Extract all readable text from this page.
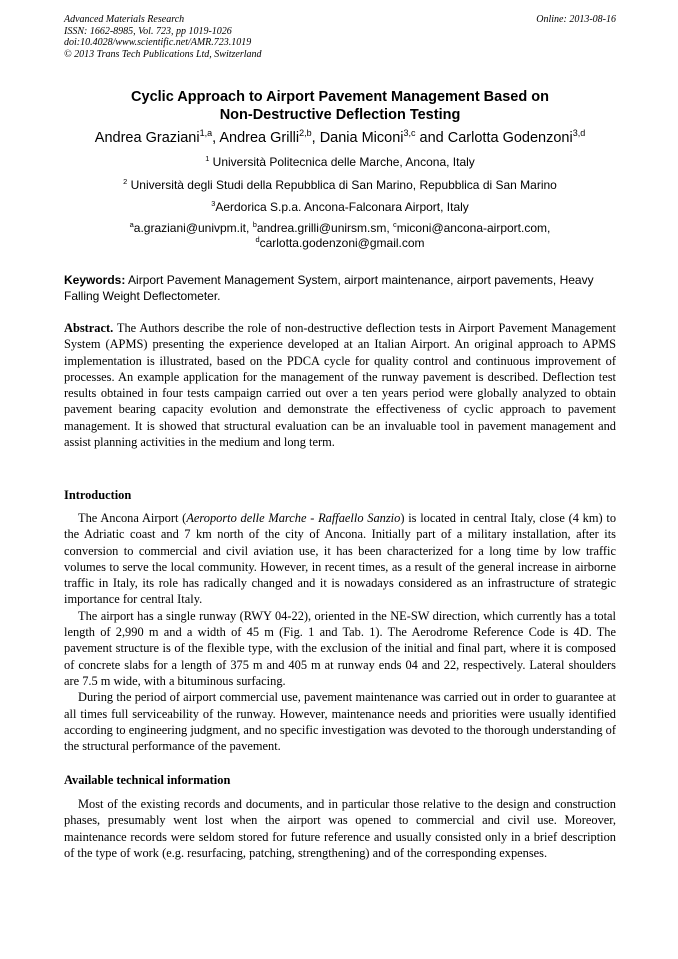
Advanced Materials Research
ISSN: 1662-8985, Vol. 723, pp 1019-1026
doi:10.4028/www.scientific.net/AMR.723.1019
© 2013 Trans Tech Publications Ltd, Switzerland
Online: 2013-08-16
Cyclic Approach to Airport Pavement Management Based on
Non-Destructive Deflection Testing
Andrea Graziani$^{1,a}$, Andrea Grilli$^{2,b}$, Dania Miconi$^{3,c}$ and Carlotta Godenzoni$^{3,d}$
$^1$ Università Politecnica delle Marche, Ancona, Italy
$^2$ Università degli Studi della Repubblica di San Marino, Repubblica di San Marino
$^3$Aerdorica S.p.a. Ancona-Falconara Airport, Italy
$^a$a.graziani@univpm.it, $^b$andrea.grilli@unirsm.sm, $^c$miconi@ancona-airport.com,
$^d$carlotta.godenzoni@gmail.com
Keywords: Airport Pavement Management System, airport maintenance, airport pavements, Heavy Falling Weight Deflectometer.
Abstract. The Authors describe the role of non-destructive deflection tests in Airport Pavement Management System (APMS) presenting the experience developed at an Italian Airport. An original approach to APMS implementation is illustrated, based on the PDCA cycle for quality control and continuous improvement of processes. An example application for the management of the runway pavement is described. Deflection test results obtained in four tests campaign carried out over a ten years period were globally analyzed to obtain pavement bearing capacity evolution and demonstrate the effectiveness of cyclic approach to pavement management. It is showed that structural evaluation can be an invaluable tool in pavement management and assist planning activities in the medium and long term.
Introduction

The Ancona Airport (Aeroporto delle Marche - Raffaello Sanzio) is located in central Italy, close (4 km) to the Adriatic coast and 7 km north of the city of Ancona. Initially part of a military installation, after its conversion to commercial and civil aviation use, it has been characterized for a long time by low traffic volumes to serve the local community. However, in recent times, as a result of the general increase in airborne traffic in Italy, its role has radically changed and it is nowadays considered as an infrastructure of strategic importance for central Italy.

The airport has a single runway (RWY 04-22), oriented in the NE-SW direction, which currently has a total length of 2,990 m and a width of 45 m (Fig. 1 and Tab. 1). The Aerodrome Reference Code is 4D. The pavement structure is of the flexible type, with the exclusion of the initial and final part, where it is composed of concrete slabs for a length of 375 m and 405 m at runway ends 04 and 22, respectively. Lateral shoulders are 7.5 m wide, with a bituminous surfacing.

During the period of airport commercial use, pavement maintenance was carried out in order to guarantee at all times full serviceability of the runway. However, maintenance needs and priorities were usually identified according to engineering judgment, and no specific investigation was devoted to the thorough understanding of the structural performance of the pavement.

Available technical information

Most of the existing records and documents, and in particular those relative to the design and construction phases, presumably went lost when the airport was opened to commercial and civil use. Moreover, maintenance records were seldom stored for future reference and usually consisted only in a brief description of the type of work (e.g. resurfacing, patching, strengthening) and of the corresponding expenses.
